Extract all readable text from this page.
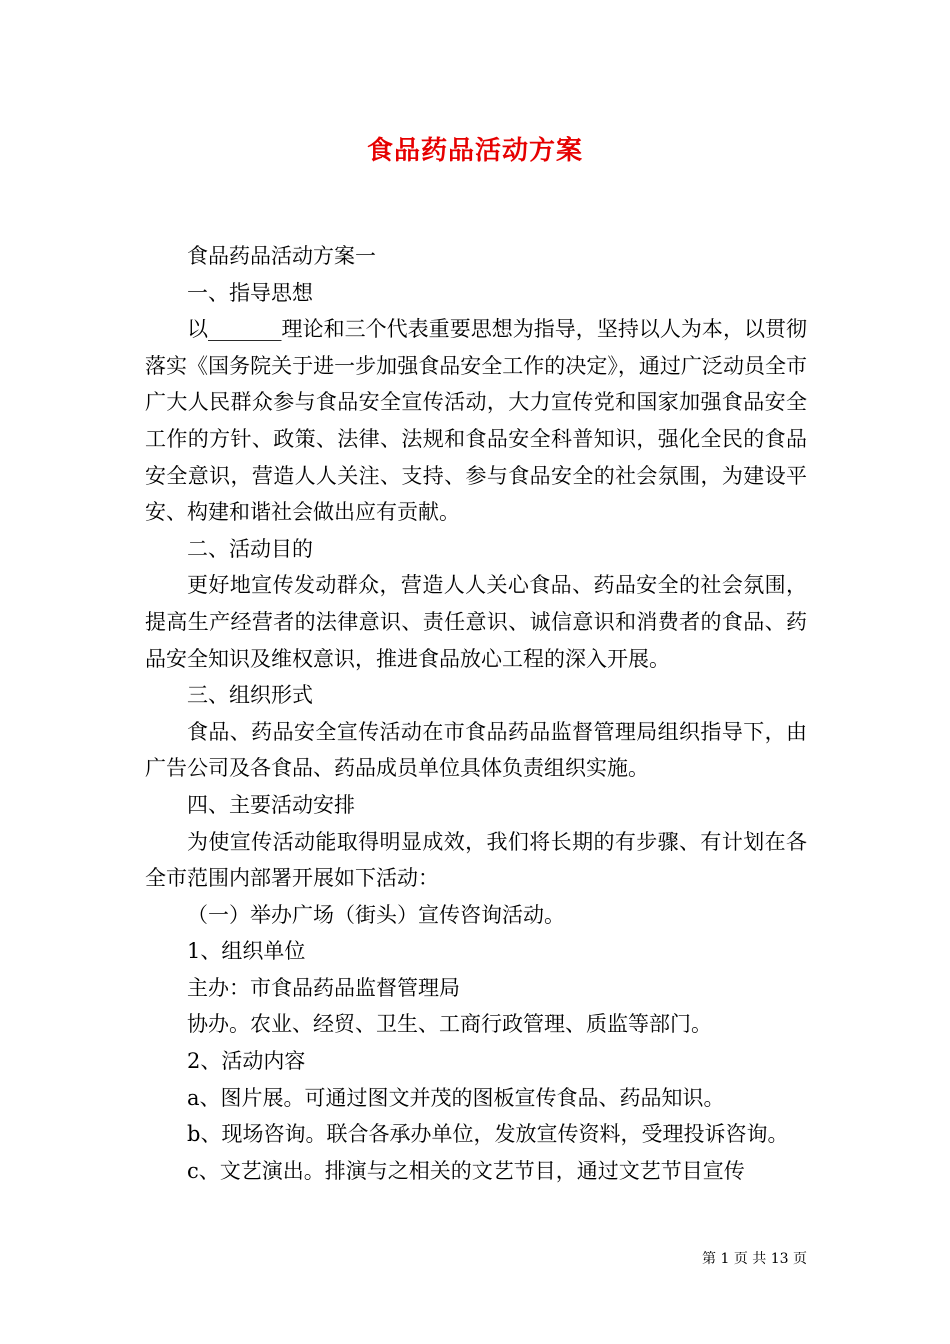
食品药品活动方案

食品药品活动方案一

一、指导思想

以_______理论和三个代表重要思想为指导，坚持以人为本，以贯彻落实《国务院关于进一步加强食品安全工作的决定》，通过广泛动员全市广大人民群众参与食品安全宣传活动，大力宣传党和国家加强食品安全工作的方针、政策、法律、法规和食品安全科普知识，强化全民的食品安全意识，营造人人关注、支持、参与食品安全的社会氛围，为建设平安、构建和谐社会做出应有贡献。

二、活动目的

更好地宣传发动群众，营造人人关心食品、药品安全的社会氛围，提高生产经营者的法律意识、责任意识、诚信意识和消费者的食品、药品安全知识及维权意识，推进食品放心工程的深入开展。

三、组织形式

食品、药品安全宣传活动在市食品药品监督管理局组织指导下，由广告公司及各食品、药品成员单位具体负责组织实施。

四、主要活动安排

为使宣传活动能取得明显成效，我们将长期的有步骤、有计划在各全市范围内部署开展如下活动：

（一）举办广场（街头）宣传咨询活动。

1、组织单位

主办：市食品药品监督管理局

协办。农业、经贸、卫生、工商行政管理、质监等部门。

2、活动内容

a、图片展。可通过图文并茂的图板宣传食品、药品知识。

b、现场咨询。联合各承办单位，发放宣传资料，受理投诉咨询。

c、文艺演出。排演与之相关的文艺节目，通过文艺节目宣传

第 1 页 共 13 页
